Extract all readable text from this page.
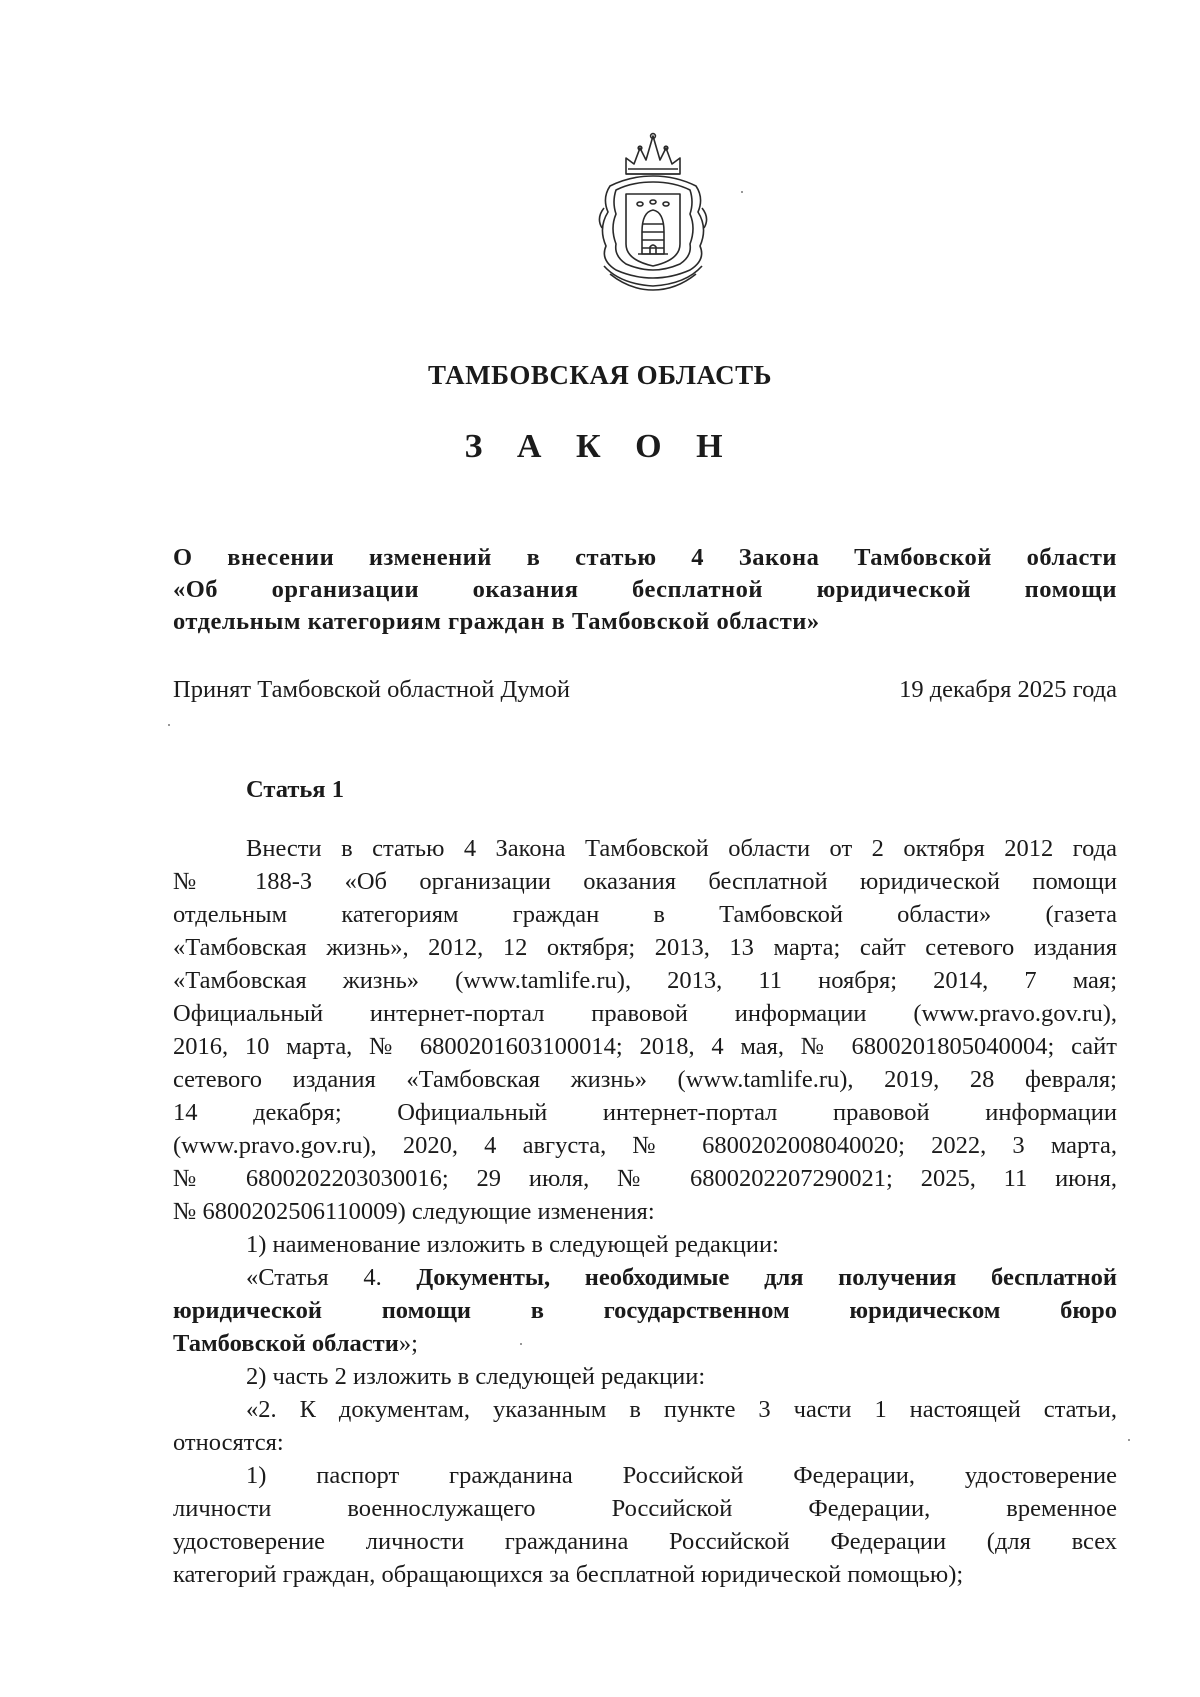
ТАМБОВСКАЯ ОБЛАСТЬ
З А К О Н
О внесении изменений в статью 4 Закона Тамбовской области
«Об организации оказания бесплатной юридической помощи
отдельным категориям граждан в Тамбовской области»
Принят Тамбовской областной Думой	19 декабря 2025 года
Статья 1
Внести в статью 4 Закона Тамбовской области от 2 октября 2012 года
№ 188-З «Об организации оказания бесплатной юридической помощи
отдельным категориям граждан в Тамбовской области» (газета
«Тамбовская жизнь», 2012, 12 октября; 2013, 13 марта; сайт сетевого издания
«Тамбовская жизнь» (www.tamlife.ru), 2013, 11 ноября; 2014, 7 мая;
Официальный интернет-портал правовой информации (www.pravo.gov.ru),
2016, 10 марта, № 6800201603100014; 2018, 4 мая, № 6800201805040004; сайт
сетевого издания «Тамбовская жизнь» (www.tamlife.ru), 2019, 28 февраля;
14 декабря; Официальный интернет-портал правовой информации
(www.pravo.gov.ru), 2020, 4 августа, № 6800202008040020; 2022, 3 марта,
№ 6800202203030016; 29 июля, № 6800202207290021; 2025, 11 июня,
№ 6800202506110009) следующие изменения:
1) наименование изложить в следующей редакции:
«Статья 4. Документы, необходимые для получения бесплатной
юридической помощи в государственном юридическом бюро
Тамбовской области»;
2) часть 2 изложить в следующей редакции:
«2. К документам, указанным в пункте 3 части 1 настоящей статьи,
относятся:
1) паспорт гражданина Российской Федерации, удостоверение
личности военнослужащего Российской Федерации, временное
удостоверение личности гражданина Российской Федерации (для всех
категорий граждан, обращающихся за бесплатной юридической помощью);
